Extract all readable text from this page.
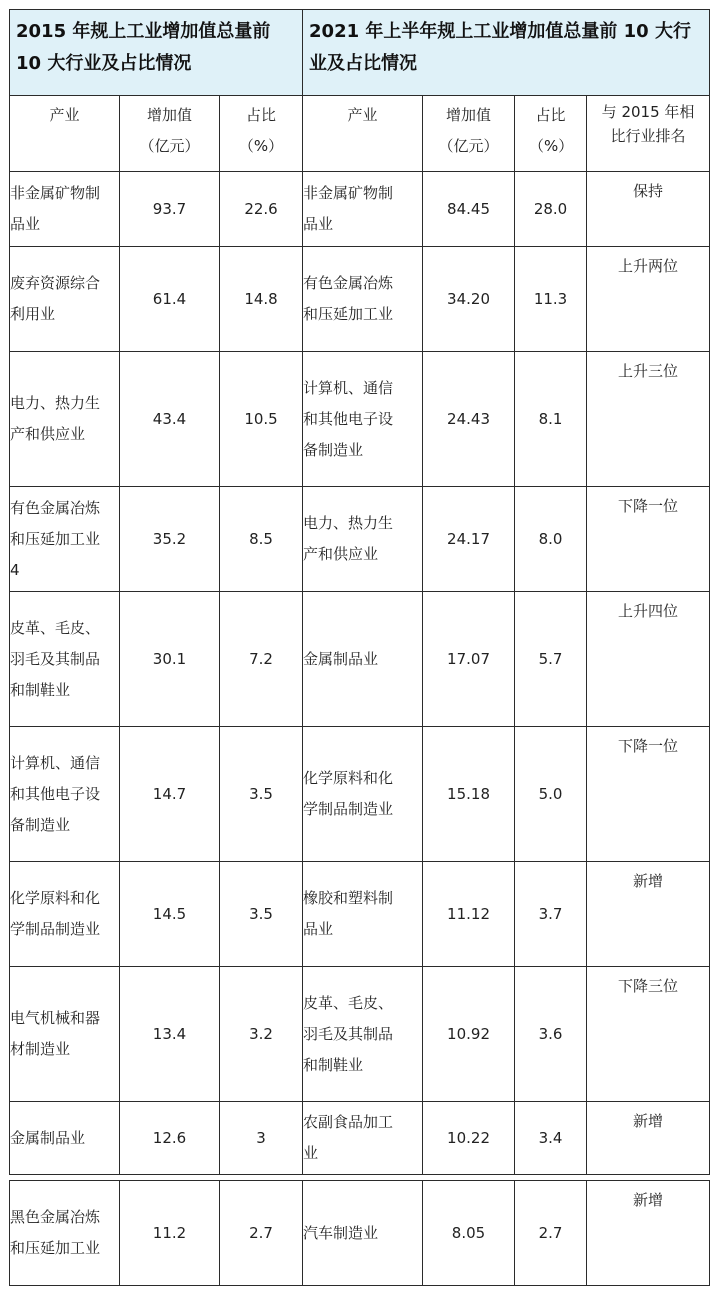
2015 年规上工业增加值总量前 10 大行业及占比情况			2021 年上半年规上工业增加值总量前 10 大行业及占比情况			
产业	增加值（亿元）	占比（%）	产业	增加值（亿元）	占比（%）	与 2015 年相比行业排名
非金属矿物制品业	93.7	22.6	非金属矿物制品业	84.45	28.0	保持
废弃资源综合利用业	61.4	14.8	有色金属冶炼和压延加工业	34.20	11.3	上升两位
电力、热力生产和供应业	43.4	10.5	计算机、通信和其他电子设备制造业	24.43	8.1	上升三位
有色金属冶炼和压延加工业 4	35.2	8.5	电力、热力生产和供应业	24.17	8.0	下降一位
皮革、毛皮、羽毛及其制品和制鞋业	30.1	7.2	金属制品业	17.07	5.7	上升四位
计算机、通信和其他电子设备制造业	14.7	3.5	化学原料和化学制品制造业	15.18	5.0	下降一位
化学原料和化学制品制造业	14.5	3.5	橡胶和塑料制品业	11.12	3.7	新增
电气机械和器材制造业	13.4	3.2	皮革、毛皮、羽毛及其制品和制鞋业	10.92	3.6	下降三位
金属制品业	12.6	3	农副食品加工业	10.22	3.4	新增
黑色金属冶炼和压延加工业	11.2	2.7	汽车制造业	8.05	2.7	新增
